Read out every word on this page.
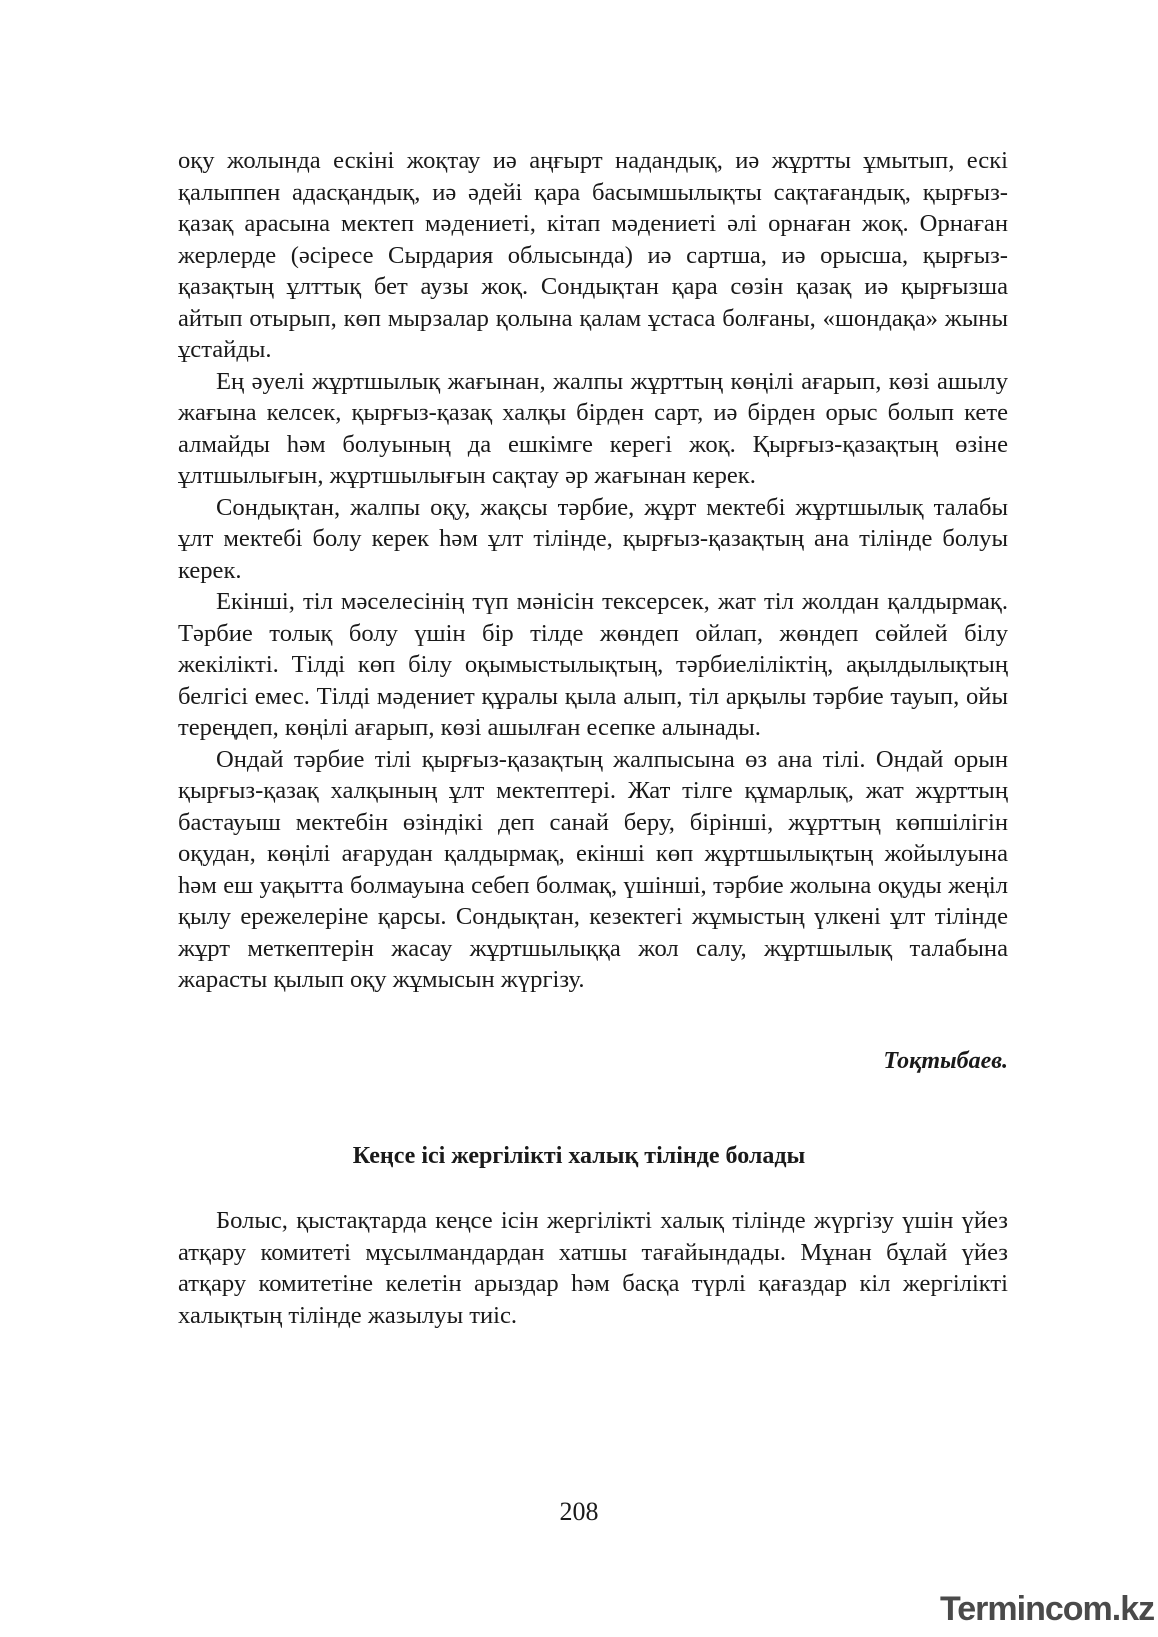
оқу жолында ескіні жоқтау иә аңғырт надандық, иә жұртты ұмытып, ескі қалыппен адасқандық, иә әдейі қара басымшылықты сақтағандық, қырғыз-қазақ арасына мектеп мәдениеті, кітап мәдениеті әлі орнаған жоқ. Орнаған жерлерде (әсіресе Сырдария облысында) иә сартша, иә орысша, қырғыз-қазақтың ұлттық бет аузы жоқ. Сондықтан қара сөзін қазақ иә қырғызша айтып отырып, көп мырзалар қолына қалам ұстаса болғаны, «шондақа» жыны ұстайды.

Ең әуелі жұртшылық жағынан, жалпы жұрттың көңілі ағарып, көзі ашылу жағына келсек, қырғыз-қазақ халқы бірден сарт, иә бірден орыс болып кете алмайды һәм болуының да ешкімге керегі жоқ. Қырғыз-қазақтың өзіне ұлтшылығын, жұртшылығын сақтау әр жағынан керек.

Сондықтан, жалпы оқу, жақсы тәрбие, жұрт мектебі жұртшылық талабы ұлт мектебі болу керек һәм ұлт тілінде, қырғыз-қазақтың ана тілінде болуы керек.

Екінші, тіл мәселесінің түп мәнісін тексерсек, жат тіл жолдан қалдырмақ. Тәрбие толық болу үшін бір тілде жөндеп ойлап, жөндеп сөйлей білу жекілікті. Тілді көп білу оқымыстылықтың, тәрбиеліліктің, ақылдылықтың белгісі емес. Тілді мәдениет құралы қыла алып, тіл арқылы тәрбие тауып, ойы тереңдеп, көңілі ағарып, көзі ашылған есепке алынады.

Ондай тәрбие тілі қырғыз-қазақтың жалпысына өз ана тілі. Ондай орын қырғыз-қазақ халқының ұлт мектептері. Жат тілге құмарлық, жат жұрттың бастауыш мектебін өзіндікі деп санай беру, бірінші, жұрттың көпшілігін оқудан, көңілі ағарудан қалдырмақ, екінші көп жұртшылықтың жойылуына һәм еш уақытта болмауына себеп болмақ, үшінші, тәрбие жолына оқуды жеңіл қылу ережелеріне қарсы. Сондықтан, кезектегі жұмыстың үлкені ұлт тілінде жұрт меткептерін жасау жұртшылыққа жол салу, жұртшылық талабына жарасты қылып оқу жұмысын жүргізу.

Тоқтыбаев.
Кеңсе ісі жергілікті халық тілінде болады

Болыс, қыстақтарда кеңсе ісін жергілікті халық тілінде жүргізу үшін үйез атқару комитеті мұсылмандардан хатшы тағайындады. Мұнан бұлай үйез атқару комитетіне келетін арыздар һәм басқа түрлі қағаздар кіл жергілікті халықтың тілінде жазылуы тиіс.

208
Termincom.kz
